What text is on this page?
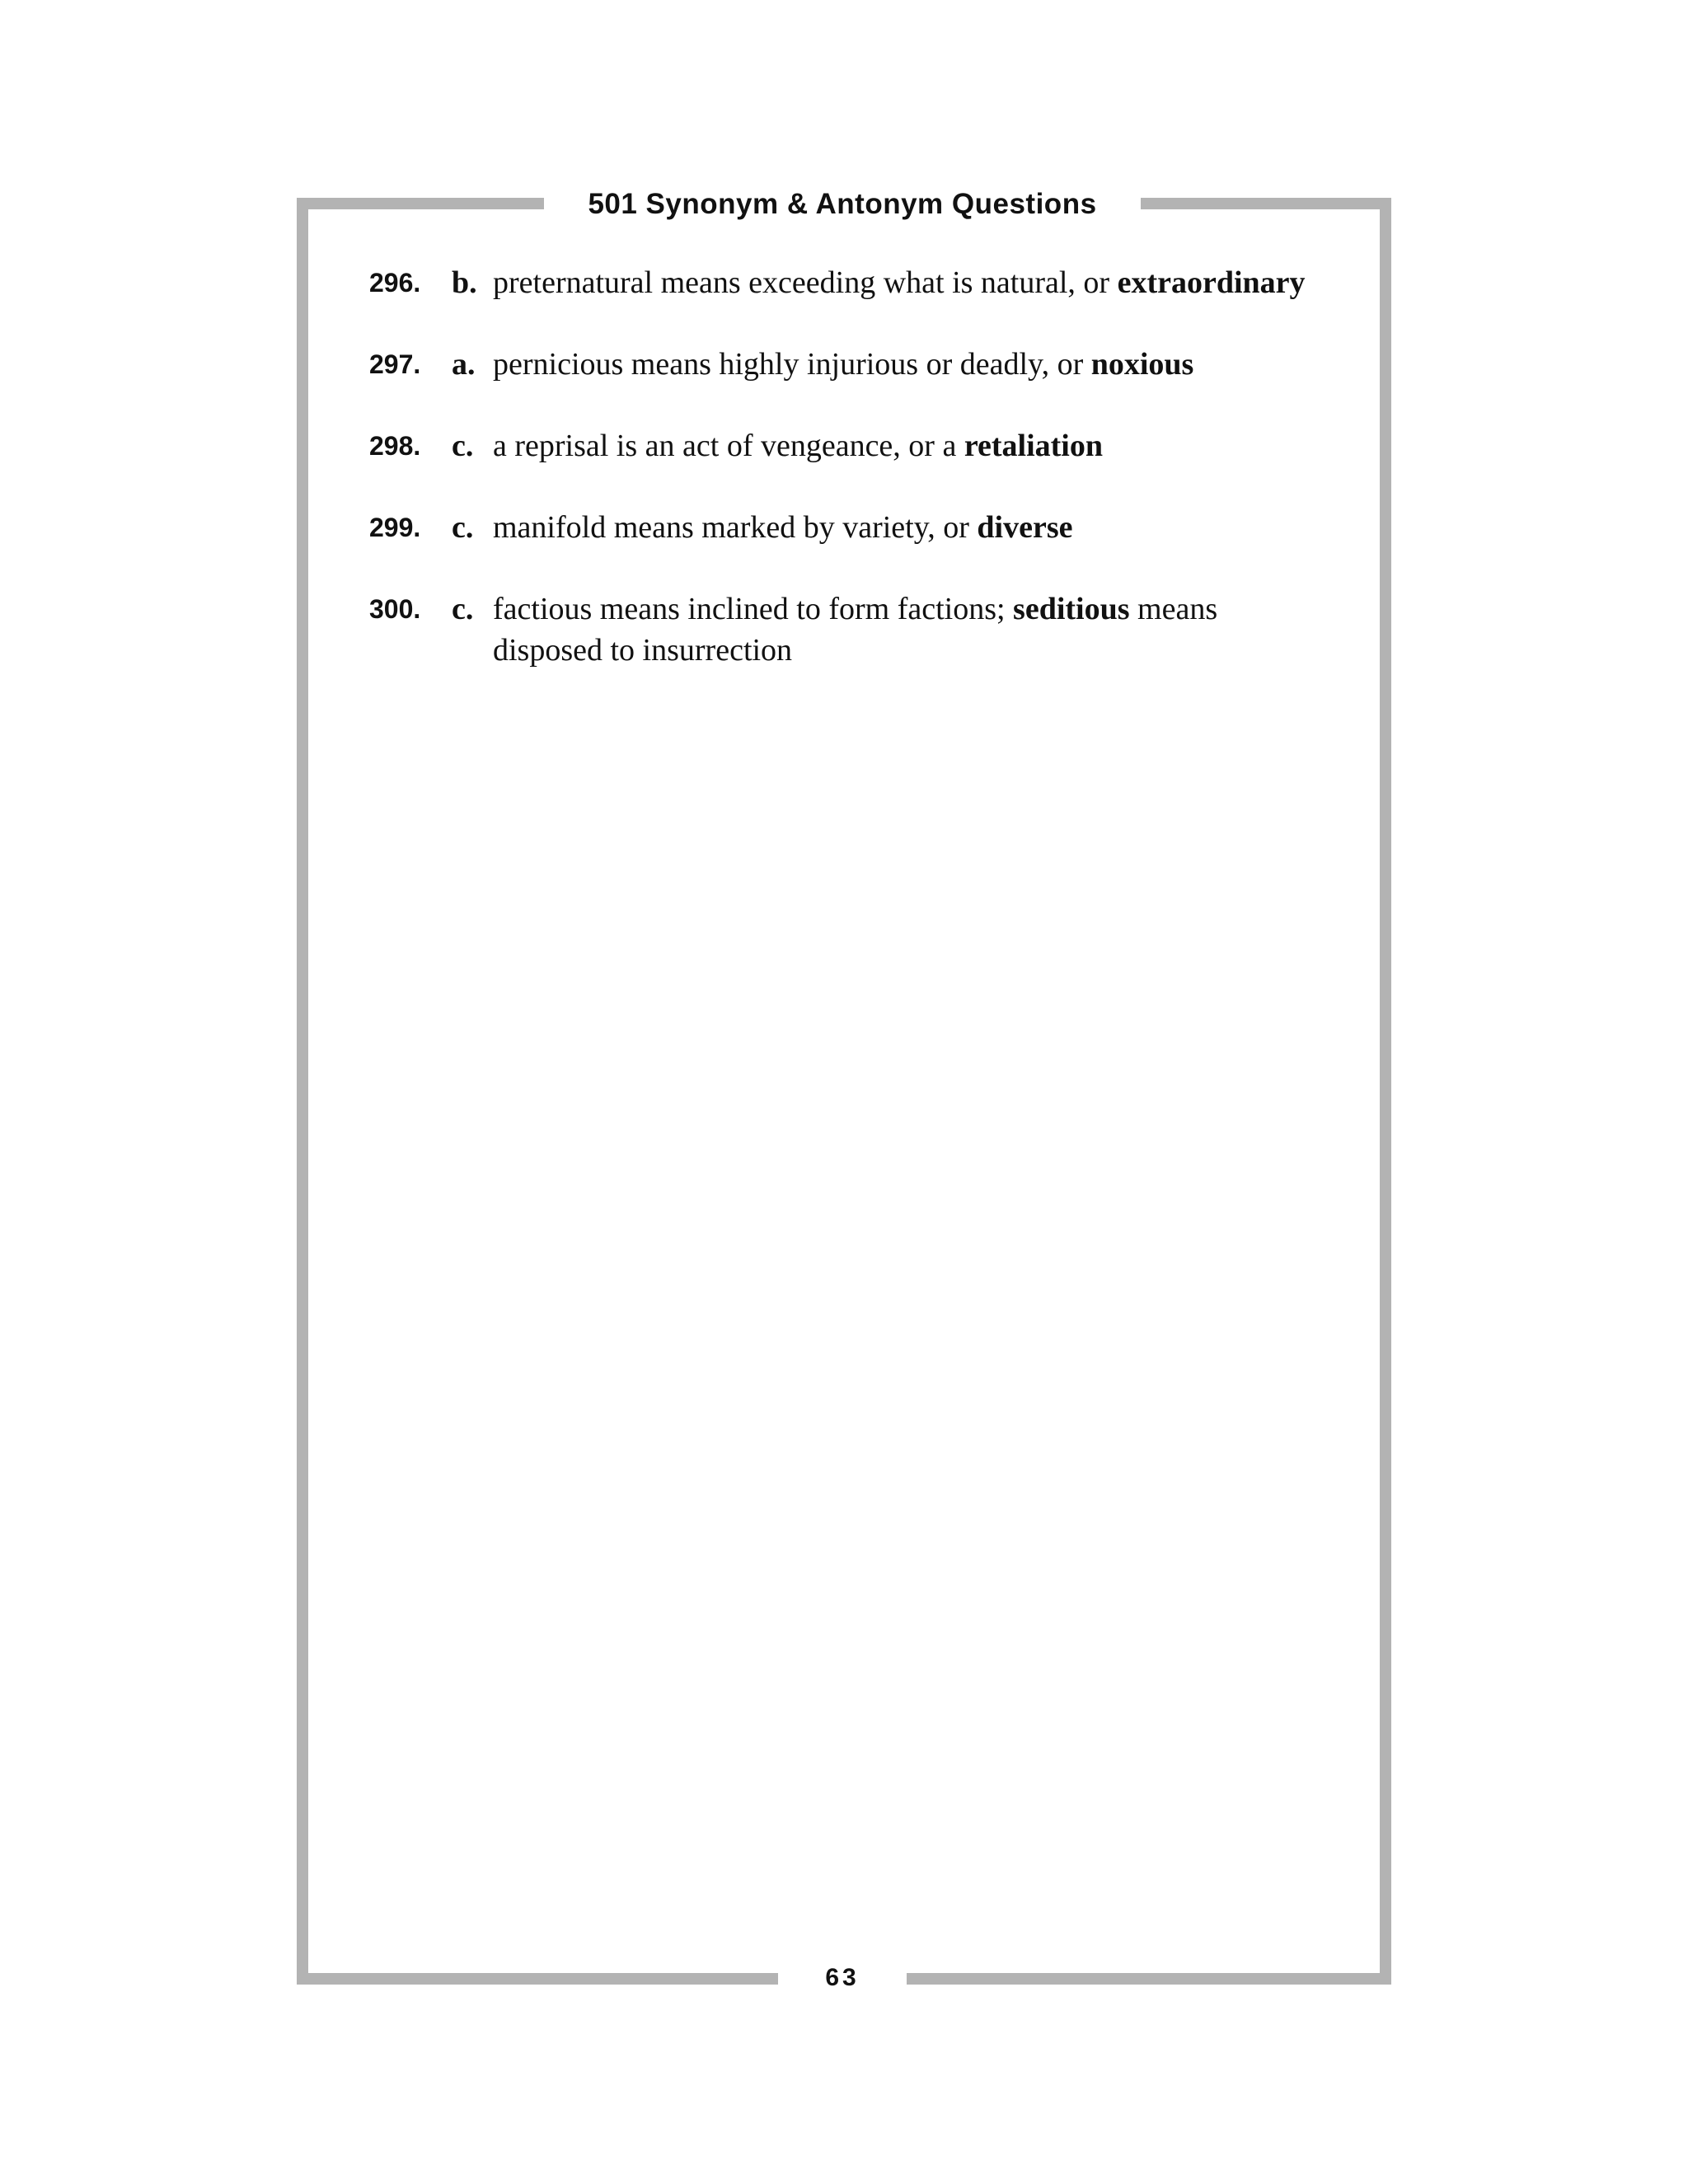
501 Synonym & Antonym Questions
296. b. preternatural means exceeding what is natural, or extraordinary
297. a. pernicious means highly injurious or deadly, or noxious
298. c. a reprisal is an act of vengeance, or a retaliation
299. c. manifold means marked by variety, or diverse
300. c. factious means inclined to form factions; seditious means disposed to insurrection
63
